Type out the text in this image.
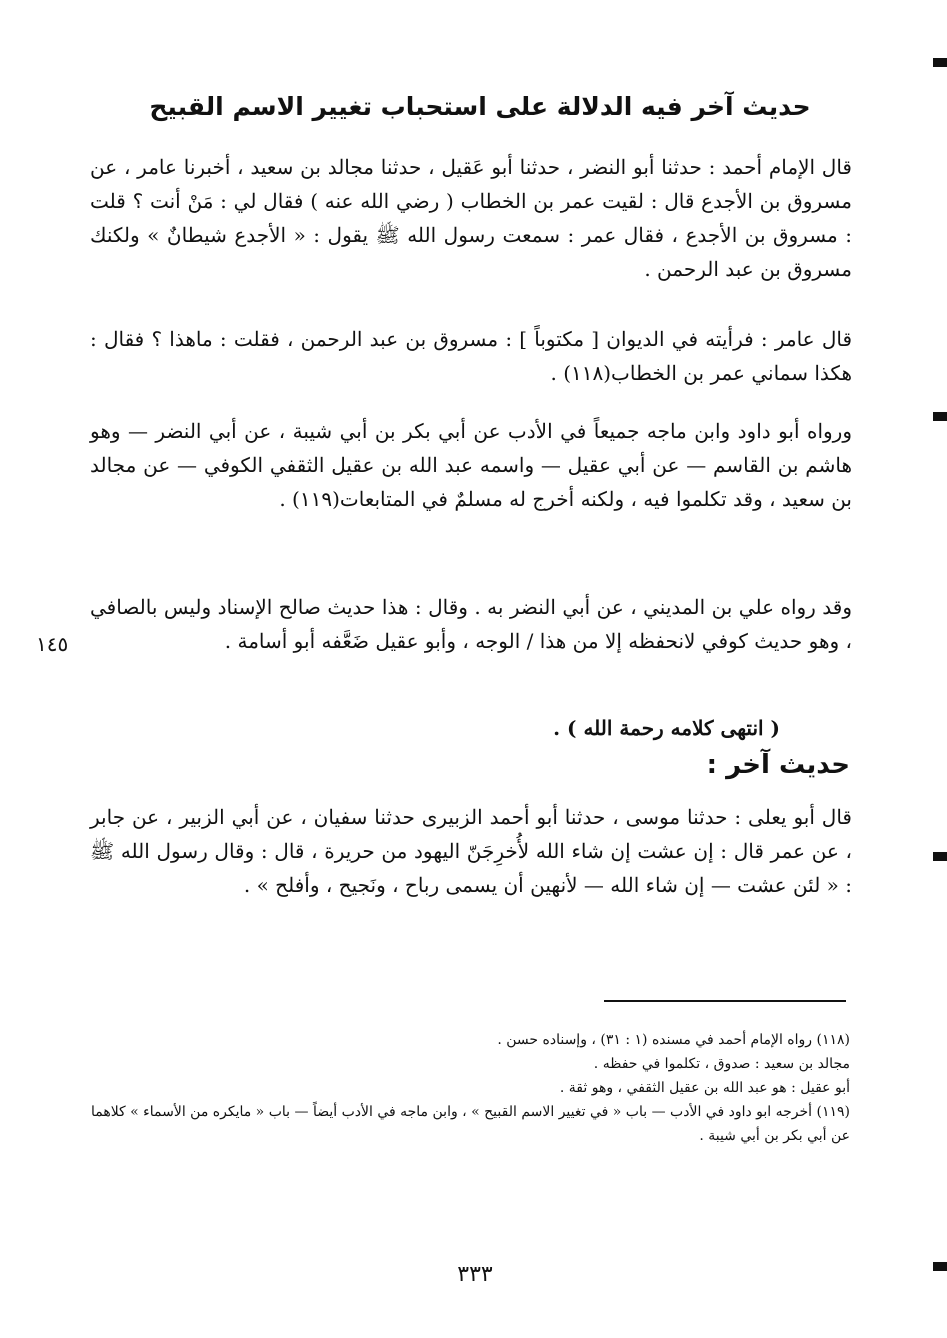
حديث آخر فيه الدلالة على استحباب تغيير الاسم القبيح
قال الإمام أحمد : حدثنا أبو النضر ، حدثنا أبو عَقيل ، حدثنا مجالد بن سعيد ، أخبرنا عامر ، عن مسروق بن الأجدع قال : لقيت عمر بن الخطاب ( رضي الله عنه ) فقال لي : مَنْ أنت ؟ قلت : مسروق بن الأجدع ، فقال عمر : سمعت رسول الله ﷺ يقول : « الأجدع شيطانٌ » ولكنك مسروق بن عبد الرحمن .
قال عامر : فرأيته في الديوان [ مكتوباً ] : مسروق بن عبد الرحمن ، فقلت : ماهذا ؟ فقال : هكذا سماني عمر بن الخطاب(١١٨) .
ورواه أبو داود وابن ماجه جميعاً في الأدب عن أبي بكر بن أبي شيبة ، عن أبي النضر — وهو هاشم بن القاسم — عن أبي عقيل — واسمه عبد الله بن عقيل الثقفي الكوفي — عن مجالد بن سعيد ، وقد تكلموا فيه ، ولكنه أخرج له مسلمٌ في المتابعات(١١٩) .
وقد رواه علي بن المديني ، عن أبي النضر به . وقال : هذا حديث صالح الإسناد وليس بالصافي ، وهو حديث كوفي لانحفظه إلا من هذا / الوجه ، وأبو عقيل ضَعَّفه أبو أسامة .
١٤٥
( انتهى كلامه رحمة الله ) .
حديث آخر :
قال أبو يعلى : حدثنا موسى ، حدثنا أبو أحمد الزبيرى حدثنا سفيان ، عن أبي الزبير ، عن جابر ، عن عمر قال : إن عشت إن شاء الله لأُخرِجَنّ اليهود من حريرة ، قال : وقال رسول الله ﷺ : « لئن عشت — إن شاء الله — لأنهين أن يسمى رباح ، ونَجيح ، وأفلح » .

(١١٨) رواه الإمام أحمد في مسنده (١ : ٣١) ، وإسناده حسن .

مجالد بن سعيد : صدوق ، تكلموا في حفظه .

أبو عقيل : هو عبد الله بن عقيل الثقفي ، وهو ثقة .

(١١٩) أخرجه ابو داود في الأدب — باب « في تغيير الاسم القبيح » ، وابن ماجه في الأدب أيضاً — باب « مايكره من الأسماء » كلاهما عن أبي بكر بن أبي شيبة .

٣٣٣
